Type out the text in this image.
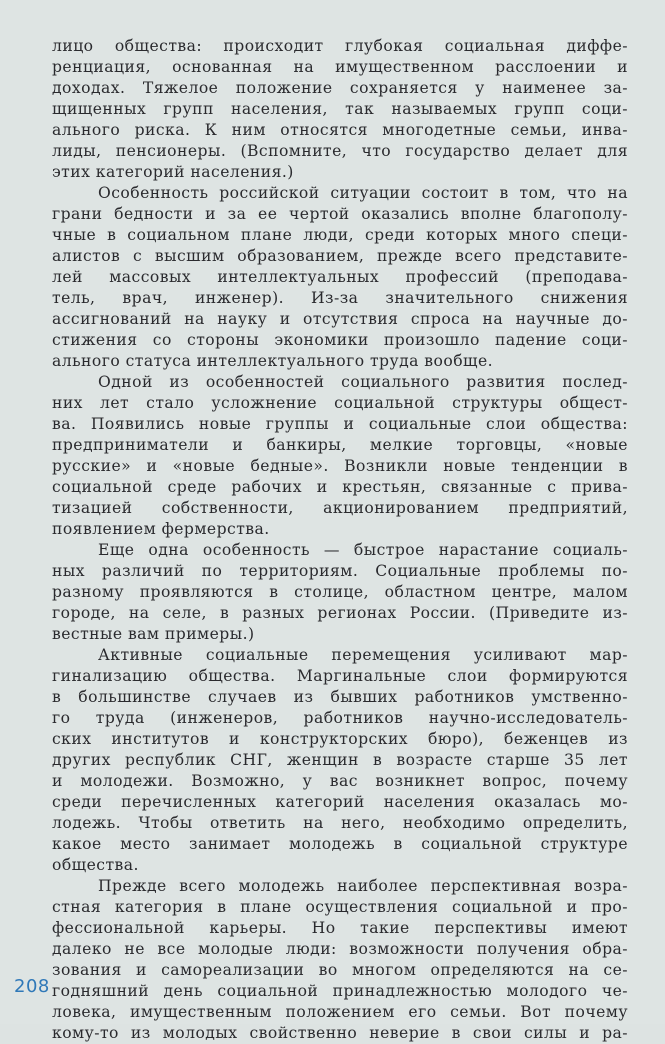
лицо общества: происходит глубокая социальная диффе-
ренциация, основанная на имущественном расслоении и
доходах. Тяжелое положение сохраняется у наименее за-
щищенных групп населения, так называемых групп соци-
ального риска. К ним относятся многодетные семьи, инва-
лиды, пенсионеры. (Вспомните, что государство делает для
этих категорий населения.)

Особенность российской ситуации состоит в том, что на
грани бедности и за ее чертой оказались вполне благополу-
чные в социальном плане люди, среди которых много специ-
алистов с высшим образованием, прежде всего представите-
лей массовых интеллектуальных профессий (преподава-
тель, врач, инженер). Из-за значительного снижения
ассигнований на науку и отсутствия спроса на научные до-
стижения со стороны экономики произошло падение соци-
ального статуса интеллектуального труда вообще.

Одной из особенностей социального развития послед-
них лет стало усложнение социальной структуры общест-
ва. Появились новые группы и социальные слои общества:
предприниматели и банкиры, мелкие торговцы, «новые
русские» и «новые бедные». Возникли новые тенденции в
социальной среде рабочих и крестьян, связанные с прива-
тизацией собственности, акционированием предприятий,
появлением фермерства.

Еще одна особенность — быстрое нарастание социаль-
ных различий по территориям. Социальные проблемы по-
разному проявляются в столице, областном центре, малом
городе, на селе, в разных регионах России. (Приведите из-
вестные вам примеры.)

Активные социальные перемещения усиливают мар-
гинализацию общества. Маргинальные слои формируются
в большинстве случаев из бывших работников умственно-
го труда (инженеров, работников научно-исследователь-
ских институтов и конструкторских бюро), беженцев из
других республик СНГ, женщин в возрасте старше 35 лет
и молодежи. Возможно, у вас возникнет вопрос, почему
среди перечисленных категорий населения оказалась мо-
лодежь. Чтобы ответить на него, необходимо определить,
какое место занимает молодежь в социальной структуре
общества.

Прежде всего молодежь наиболее перспективная возра-
стная категория в плане осуществления социальной и про-
фессиональной карьеры. Но такие перспективы имеют
далеко не все молодые люди: возможности получения обра-
зования и самореализации во многом определяются на се-
годняшний день социальной принадлежностью молодого че-
ловека, имущественным положением его семьи. Вот почему
кому-то из молодых свойственно неверие в свои силы и ра-

208
